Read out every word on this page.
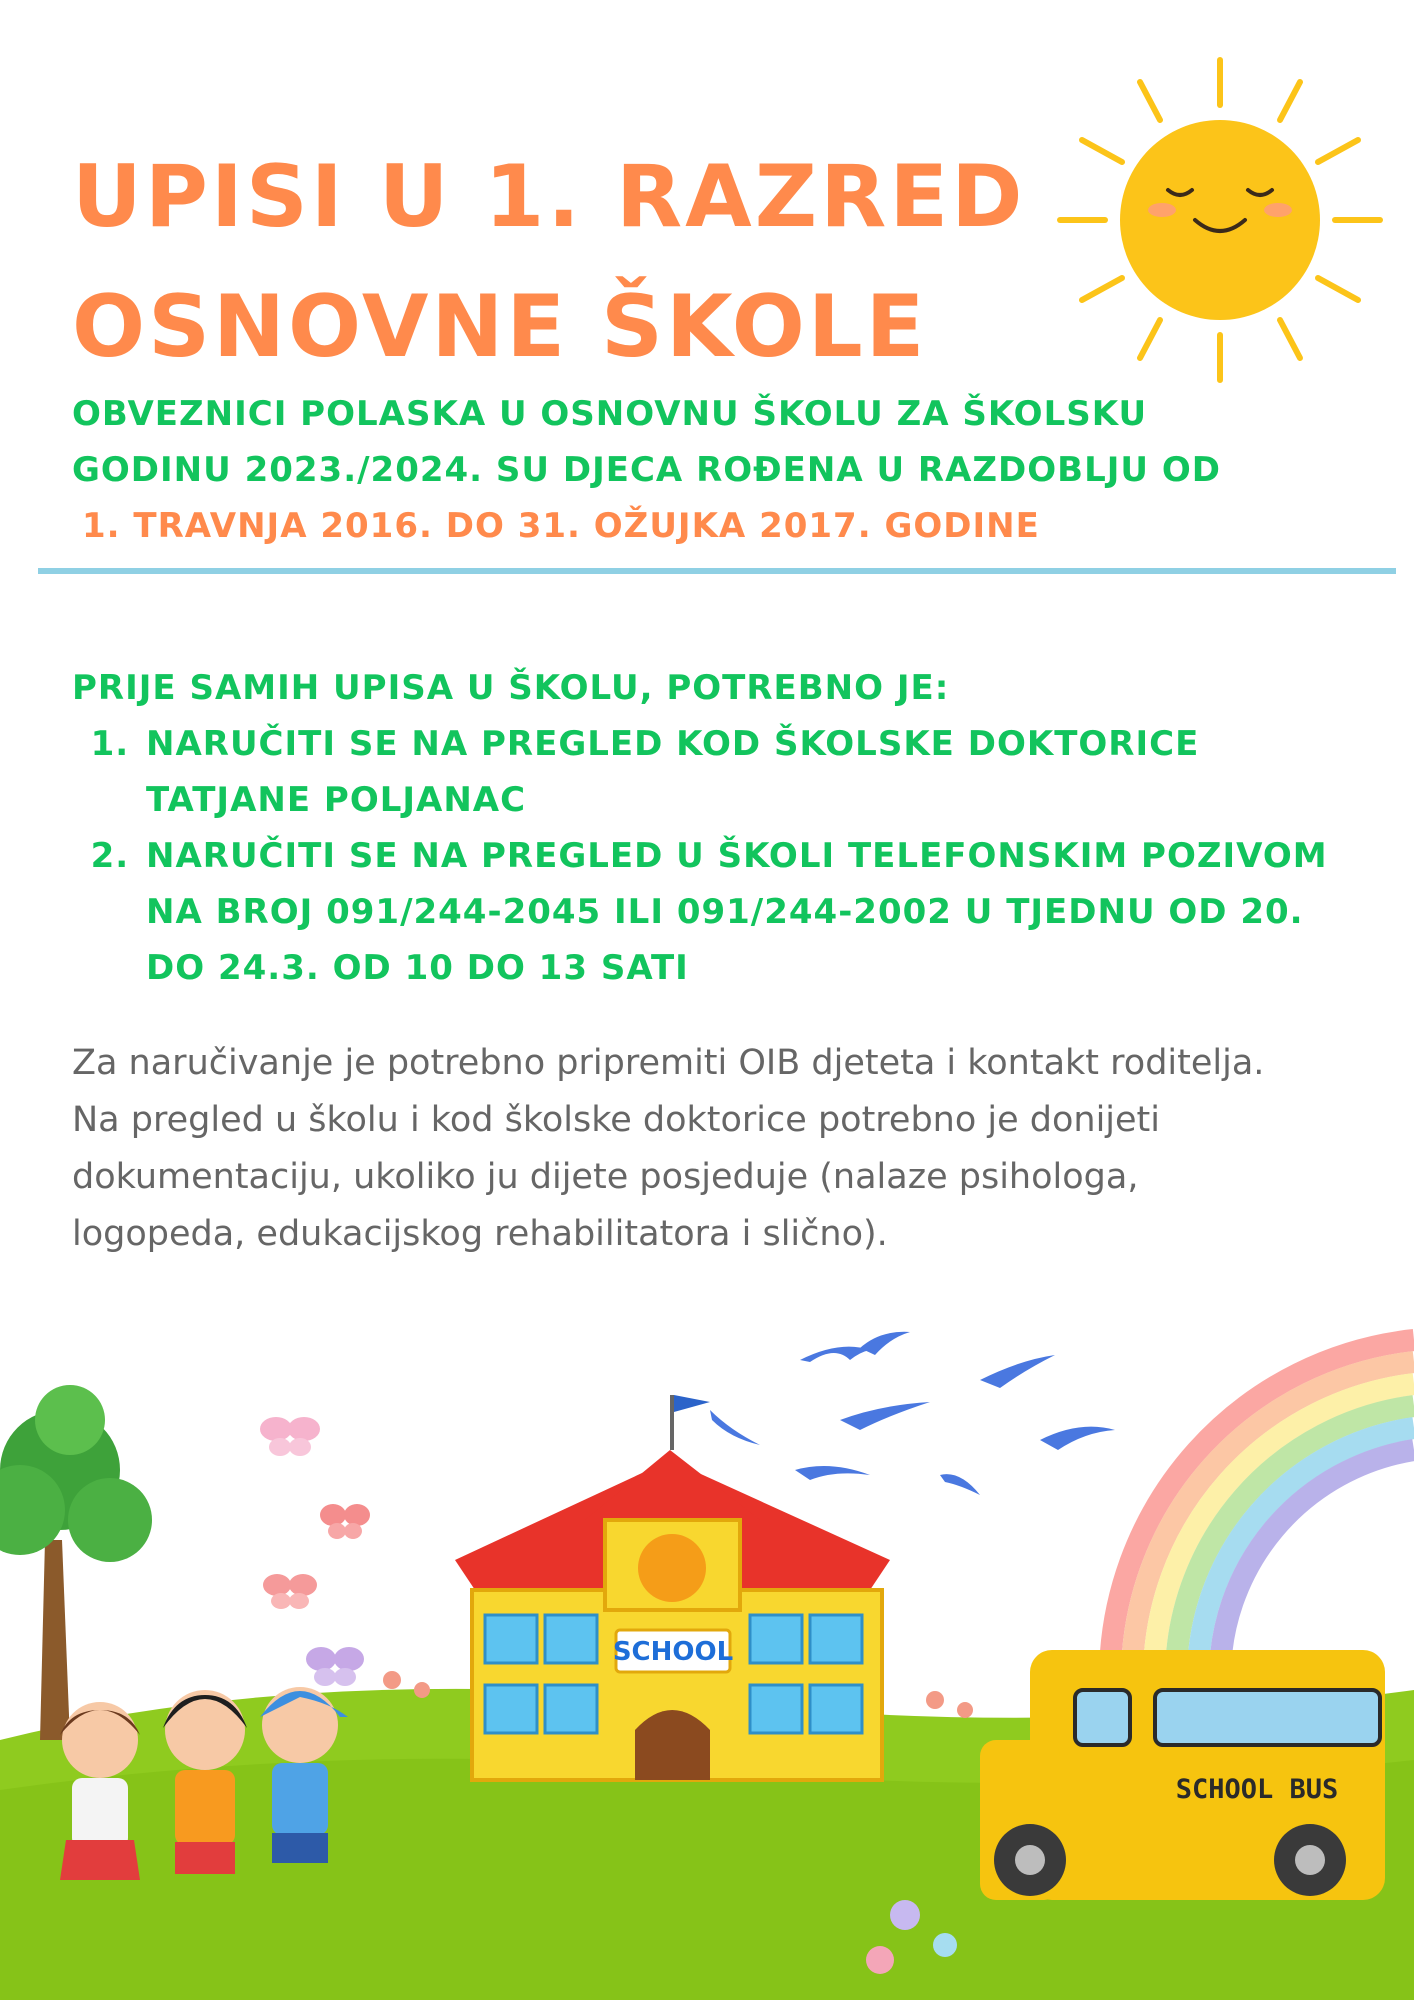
UPISI U 1. RAZRED
OSNOVNE ŠKOLE

OBVEZNICI POLASKA U OSNOVNU ŠKOLU ZA ŠKOLSKU
GODINU 2023./2024. SU DJECA ROĐENA U RAZDOBLJU OD
1. TRAVNJA 2016. DO 31. OŽUJKA 2017. GODINE

PRIJE SAMIH UPISA U ŠKOLU, POTREBNO JE:
1. NARUČITI SE NA PREGLED KOD ŠKOLSKE DOKTORICE TATJANE POLJANAC
2. NARUČITI SE NA PREGLED U ŠKOLI TELEFONSKIM POZIVOM NA BROJ 091/244-2045 ILI 091/244-2002 U TJEDNU OD 20. DO 24.3. OD 10 DO 13 SATI

Za naručivanje je potrebno pripremiti OIB djeteta i kontakt roditelja.
Na pregled u školu i kod školske doktorice potrebno je donijeti
dokumentaciju, ukoliko ju dijete posjeduje (nalaze psihologa,
logopeda, edukacijskog rehabilitatora i slično).

SCHOOL
SCHOOL BUS
